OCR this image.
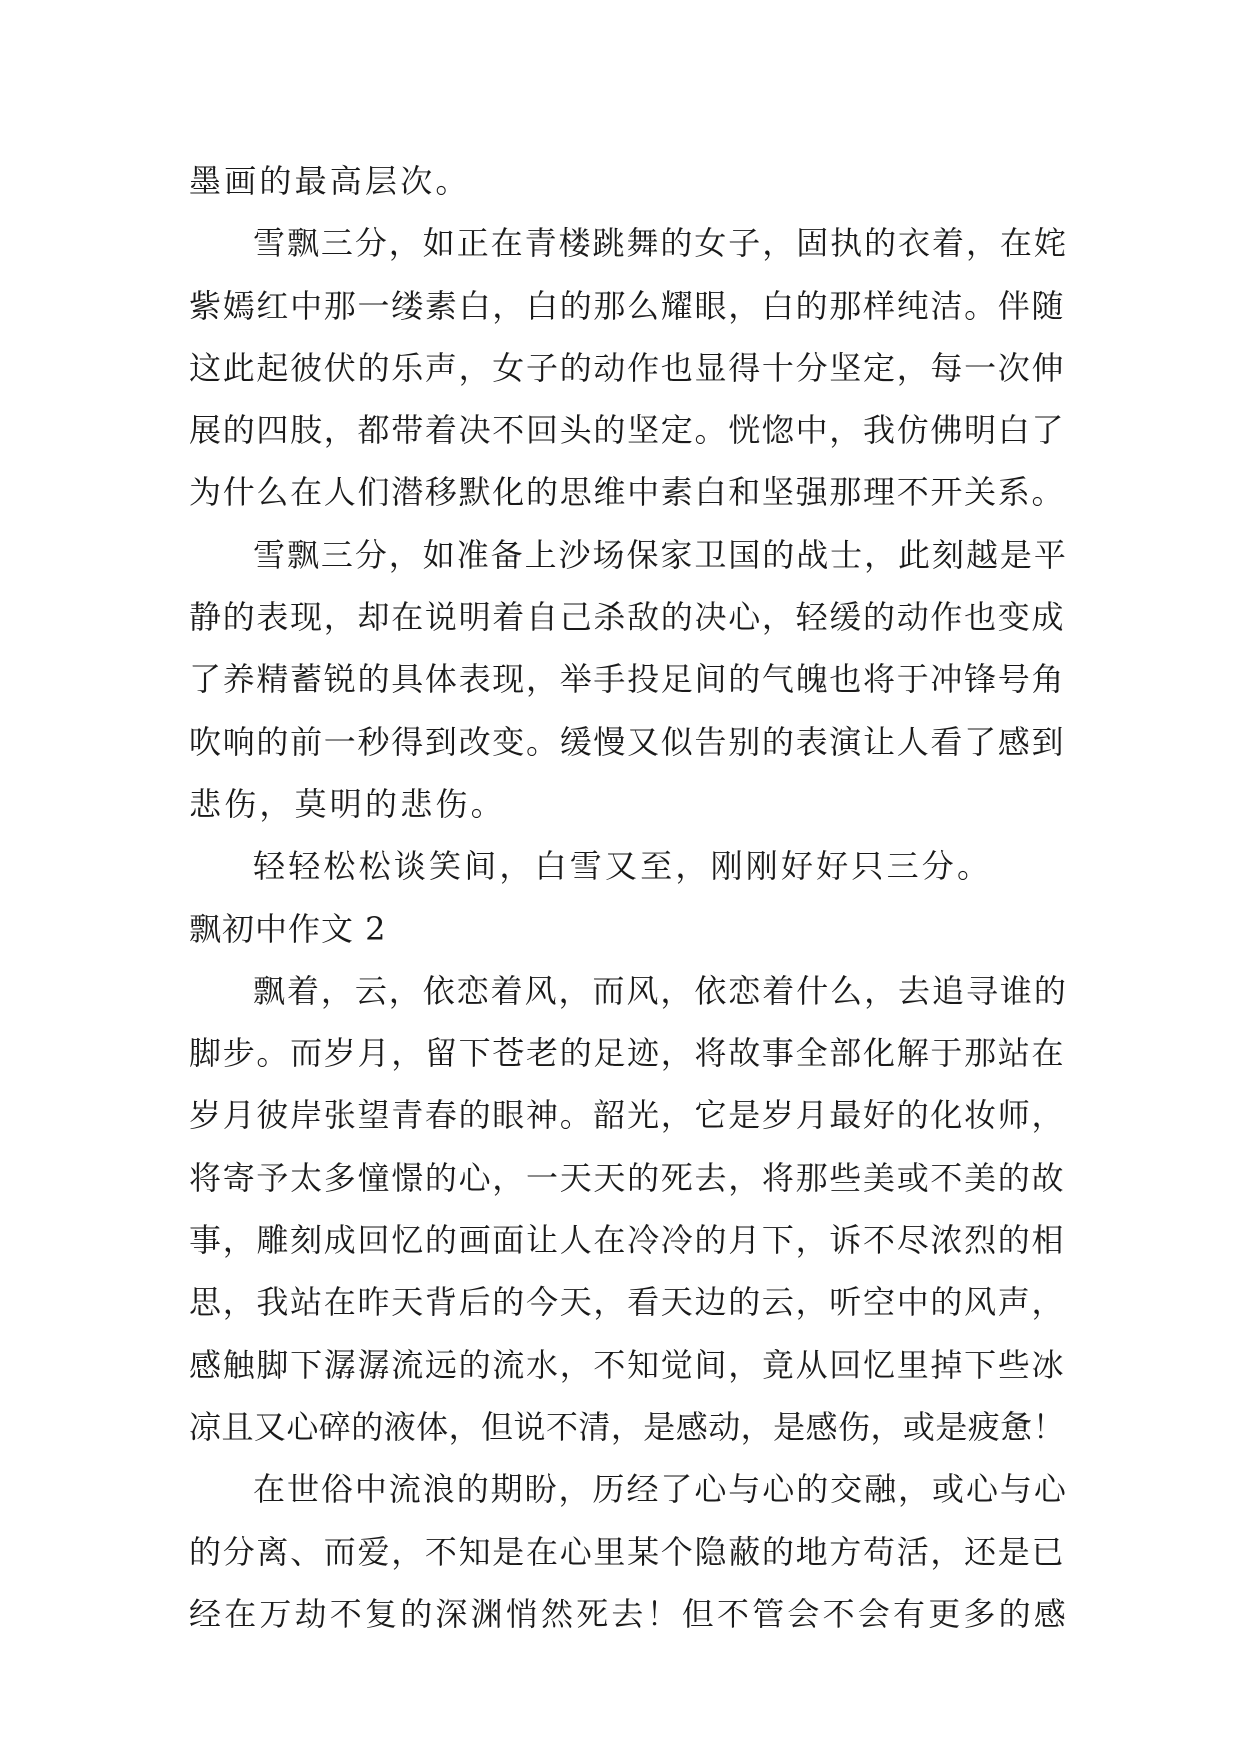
墨画的最高层次。
雪飘三分，如正在青楼跳舞的女子，固执的衣着，在姹
紫嫣红中那一缕素白，白的那么耀眼，白的那样纯洁。伴随
这此起彼伏的乐声，女子的动作也显得十分坚定，每一次伸
展的四肢，都带着决不回头的坚定。恍惚中，我仿佛明白了
为什么在人们潜移默化的思维中素白和坚强那理不开关系。
雪飘三分，如准备上沙场保家卫国的战士，此刻越是平
静的表现，却在说明着自己杀敌的决心，轻缓的动作也变成
了养精蓄锐的具体表现，举手投足间的气魄也将于冲锋号角
吹响的前一秒得到改变。缓慢又似告别的表演让人看了感到
悲伤，莫明的悲伤。
轻轻松松谈笑间，白雪又至，刚刚好好只三分。
飘初中作文 2
飘着，云，依恋着风，而风，依恋着什么，去追寻谁的
脚步。而岁月，留下苍老的足迹，将故事全部化解于那站在
岁月彼岸张望青春的眼神。韶光，它是岁月最好的化妆师，
将寄予太多憧憬的心，一天天的死去，将那些美或不美的故
事，雕刻成回忆的画面让人在冷冷的月下，诉不尽浓烈的相
思，我站在昨天背后的今天，看天边的云，听空中的风声，
感触脚下潺潺流远的流水，不知觉间，竟从回忆里掉下些冰
凉且又心碎的液体，但说不清，是感动，是感伤，或是疲惫！
在世俗中流浪的期盼，历经了心与心的交融，或心与心
的分离、而爱，不知是在心里某个隐蔽的地方苟活，还是已
经在万劫不复的深渊悄然死去！但不管会不会有更多的感
